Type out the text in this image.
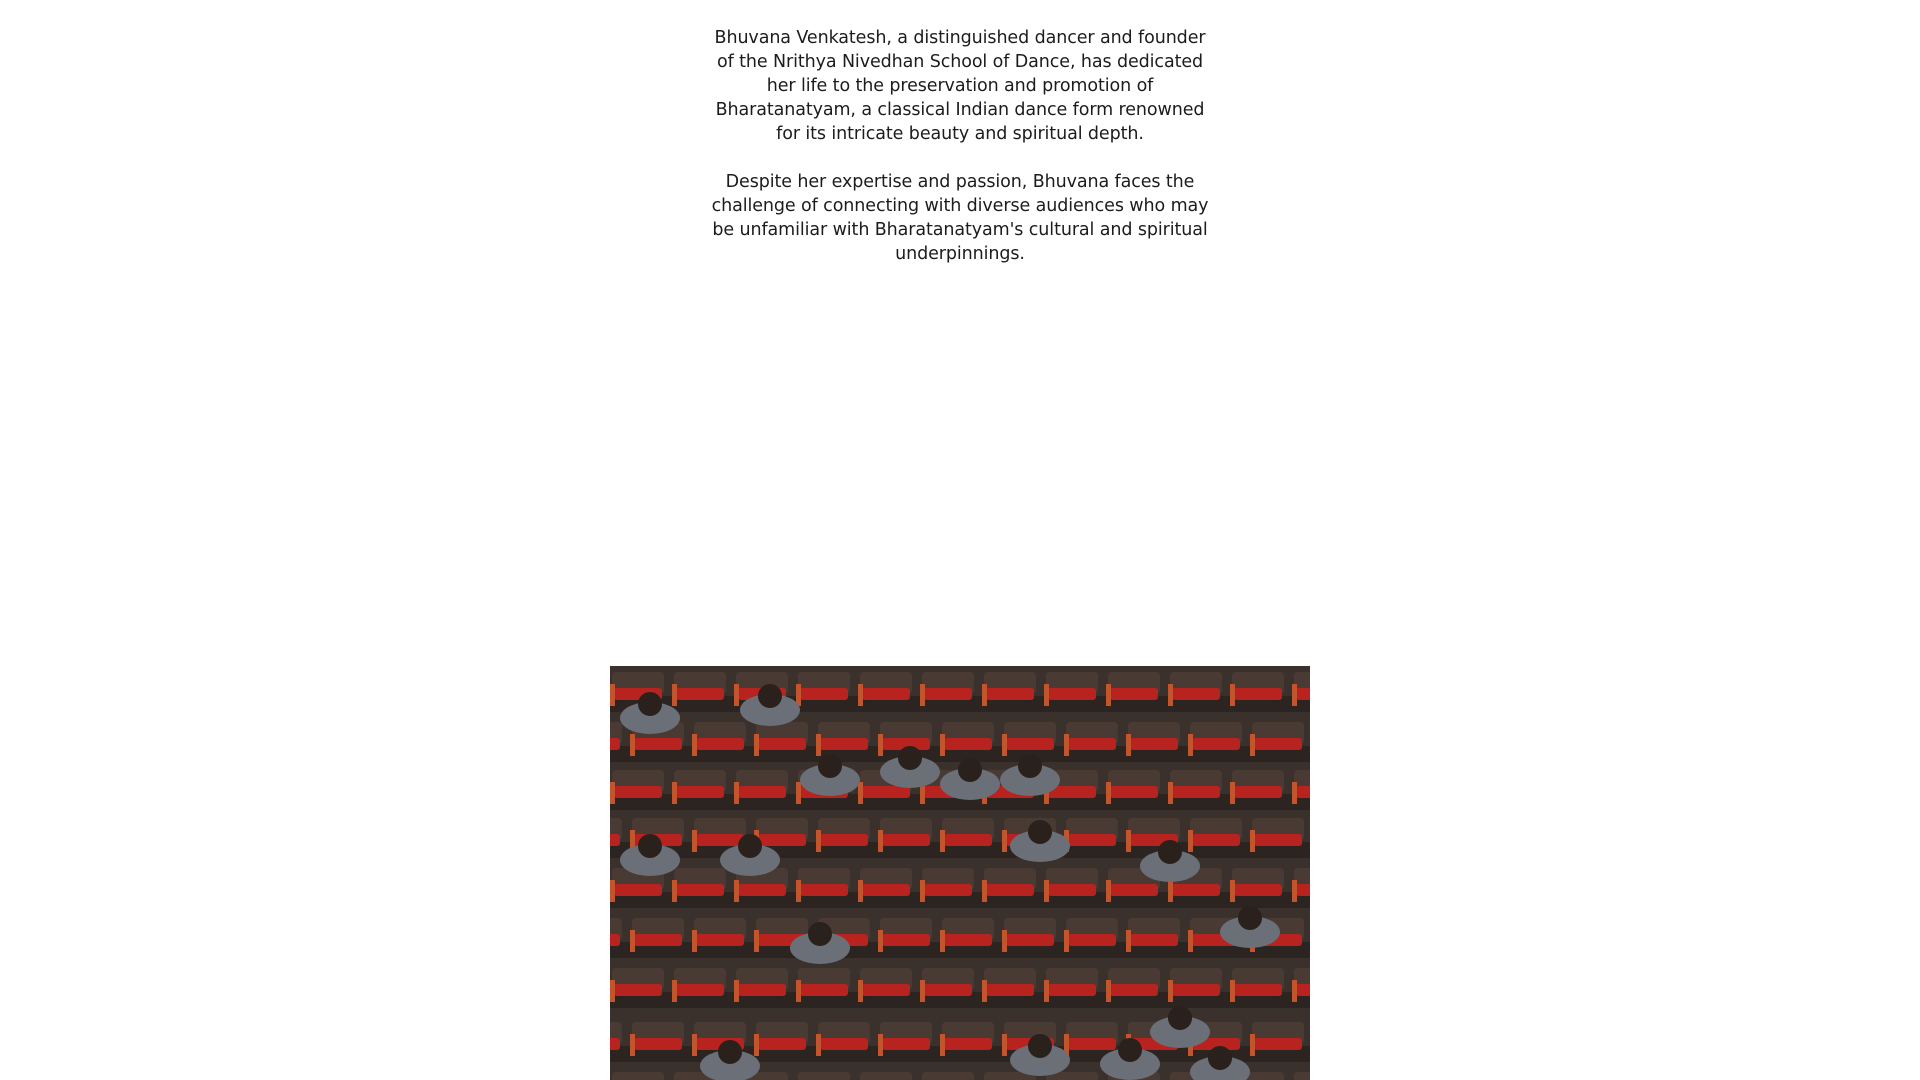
Bhuvana Venkatesh, a distinguished dancer and founder of the Nrithya Nivedhan School of Dance, has dedicated her life to the preservation and promotion of Bharatanatyam, a classical Indian dance form renowned for its intricate beauty and spiritual depth.

Despite her expertise and passion, Bhuvana faces the challenge of connecting with diverse audiences who may be unfamiliar with Bharatanatyam's cultural and spiritual underpinnings.
